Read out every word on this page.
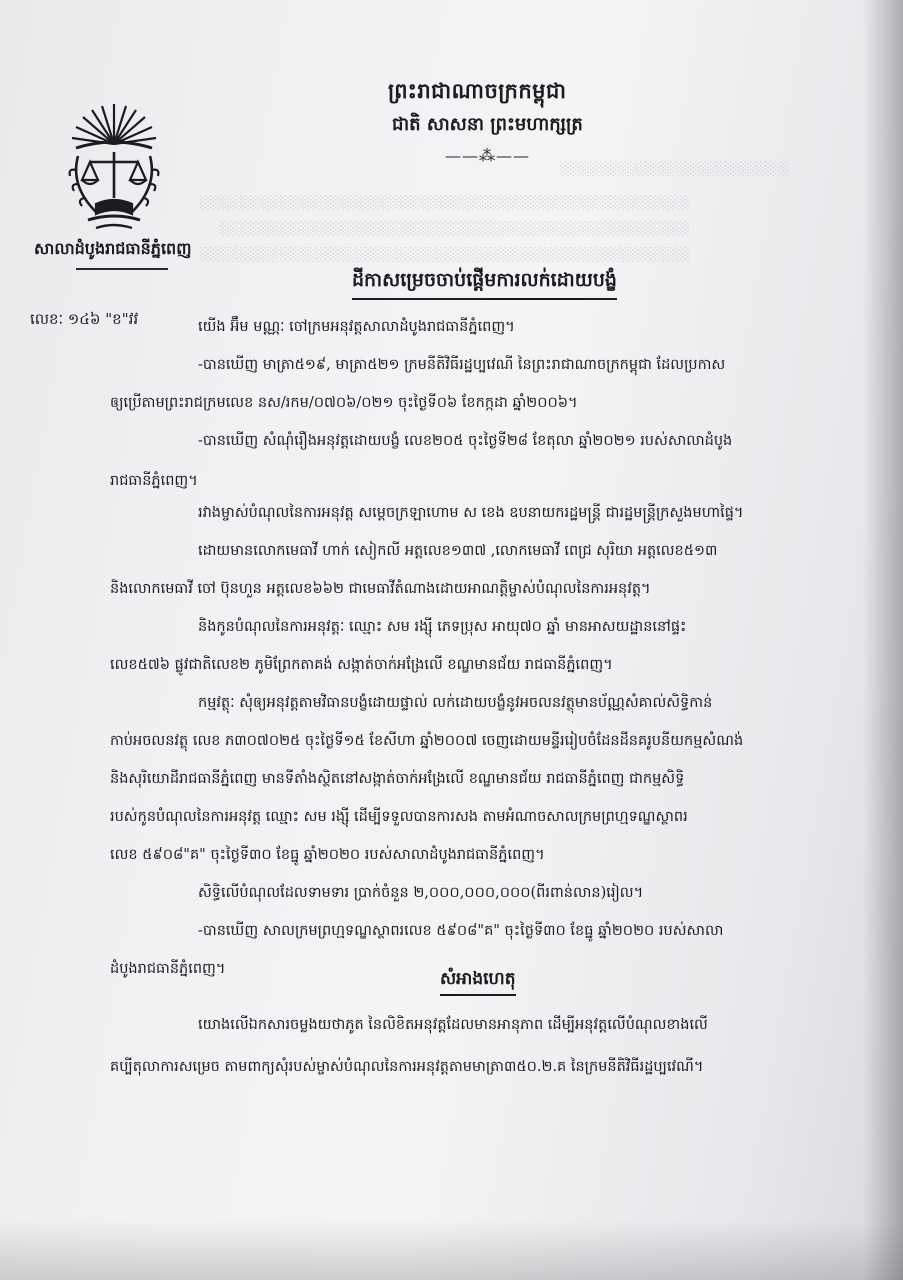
░░░░░░░░░░░░░░░░░░░░░░░
░░░░░░░░░░░░░░░░░░░░░░░░░░░░░░░░░░░░░░░░░░░░░░░░░
░░░░░░░░░░░░░░░░░░░░░░░░░░░░░░░░░░░░░░░░░░░░░░░
░░░░░░░░░░░░░░░░░░░░░░░░░░░░░░░░░░░░░░░░░░░░░░░░░
ព្រះរាជាណាចក្រកម្ពុជា
ជាតិ សាសនា ព្រះមហាក្សត្រ
——⁂——
សាលាដំបូងរាជធានីភ្នំពេញ
ដីកាសម្រេចចាប់ផ្ដើមការលក់ដោយបង្ខំ
លេខៈ ១៤៦ "ខ"វវ	យើង អ៊ឹម មណ្ណៈ ចៅក្រមអនុវត្តសាលាដំបូងរាជធានីភ្នំពេញ។
-បានឃើញ មាត្រា៥១៩, មាត្រា៥២១ ក្រមនីតិវិធីរដ្ឋប្បវេណី នៃព្រះរាជាណាចក្រកម្ពុជា ដែលប្រកាស
ឲ្យប្រើតាមព្រះរាជក្រមលេខ នស/រកម/០៧០៦/០២១ ចុះថ្ងៃទី០៦ ខែកក្កដា ឆ្នាំ២០០៦។
-បានឃើញ សំណុំរឿងអនុវត្តដោយបង្ខំ លេខ២០៥ ចុះថ្ងៃទី២៨ ខែតុលា ឆ្នាំ២០២១ របស់សាលាដំបូង
រាជធានីភ្នំពេញ។
រវាងម្ចាស់បំណុលនៃការអនុវត្ត សម្ដេចក្រឡាហោម ស ខេង ឧបនាយករដ្ឋមន្ត្រី ជារដ្ឋមន្ត្រីក្រសួងមហាផ្ទៃ។
ដោយមានលោកមេធាវី ហាក់ សៀកលី អត្តលេខ១៣៧ ,លោកមេធាវី ពេជ្រ សុរិយា អត្តលេខ៥១៣
និងលោកមេធាវី ចៅ ប៊ុនហួន អត្តលេខ៦៦២ ជាមេធាវីតំណាងដោយអាណត្តិម្ចាស់បំណុលនៃការអនុវត្ត។
និងកូនបំណុលនៃការអនុវត្តៈ ឈ្មោះ សម រង្ស៊ី ភេទប្រុស អាយុ៧០ ឆ្នាំ មានអាសយដ្ឋាននៅផ្ទះ
លេខ៥៧៦ ផ្លូវជាតិលេខ២ ភូមិព្រែកតាគង់ សង្កាត់ចាក់អង្រែលើ ខណ្ឌមានជ័យ រាជធានីភ្នំពេញ។
កម្មវត្ថុៈ សុំឲ្យអនុវត្តតាមវិធានបង្ខំដោយផ្ទាល់ លក់ដោយបង្ខំនូវអចលនវត្ថុមានប័ណ្ណសំគាល់សិទ្ធិកាន់
កាប់អចលនវត្ថុ លេខ ភ៣០៧០២៥ ចុះថ្ងៃទី១៥ ខែសីហា ឆ្នាំ២០០៧ ចេញដោយមន្ទីររៀបចំដែនដីនគរូបនីយកម្មសំណង់
និងសុរិយោដីរាជធានីភ្នំពេញ មានទីតាំងស្ថិតនៅសង្កាត់ចាក់អង្រែលើ ខណ្ឌមានជ័យ រាជធានីភ្នំពេញ ជាកម្មសិទ្ធិ
របស់កូនបំណុលនៃការអនុវត្ត ឈ្មោះ សម រង្ស៊ី ដើម្បីទទួលបានការសង តាមអំណាចសាលក្រមព្រហ្មទណ្ឌស្ថាពរ
លេខ ៥៩០៨"គ" ចុះថ្ងៃទី៣០ ខែធ្នូ ឆ្នាំ២០២០ របស់សាលាដំបូងរាជធានីភ្នំពេញ។
សិទ្ធិលើបំណុលដែលទាមទារ ប្រាក់ចំនួន ២,០០០,០០០,០០០(ពីរពាន់លាន)រៀល។
-បានឃើញ សាលក្រមព្រហ្មទណ្ឌស្ថាពរលេខ ៥៩០៨"គ" ចុះថ្ងៃទី៣០ ខែធ្នូ ឆ្នាំ២០២០ របស់សាលា
ដំបូងរាជធានីភ្នំពេញ។	សំអាងហេតុ
យោងលើឯកសារចម្លងយថាភូត នៃលិខិតអនុវត្តដែលមានអានុភាព ដើម្បីអនុវត្តលើបំណុលខាងលើ
គប្បីតុលាការសម្រេច តាមពាក្យសុំរបស់ម្ចាស់បំណុលនៃការអនុវត្តតាមមាត្រា៣៥០.២.គ នៃក្រមនីតិវិធីរដ្ឋប្បវេណី។
